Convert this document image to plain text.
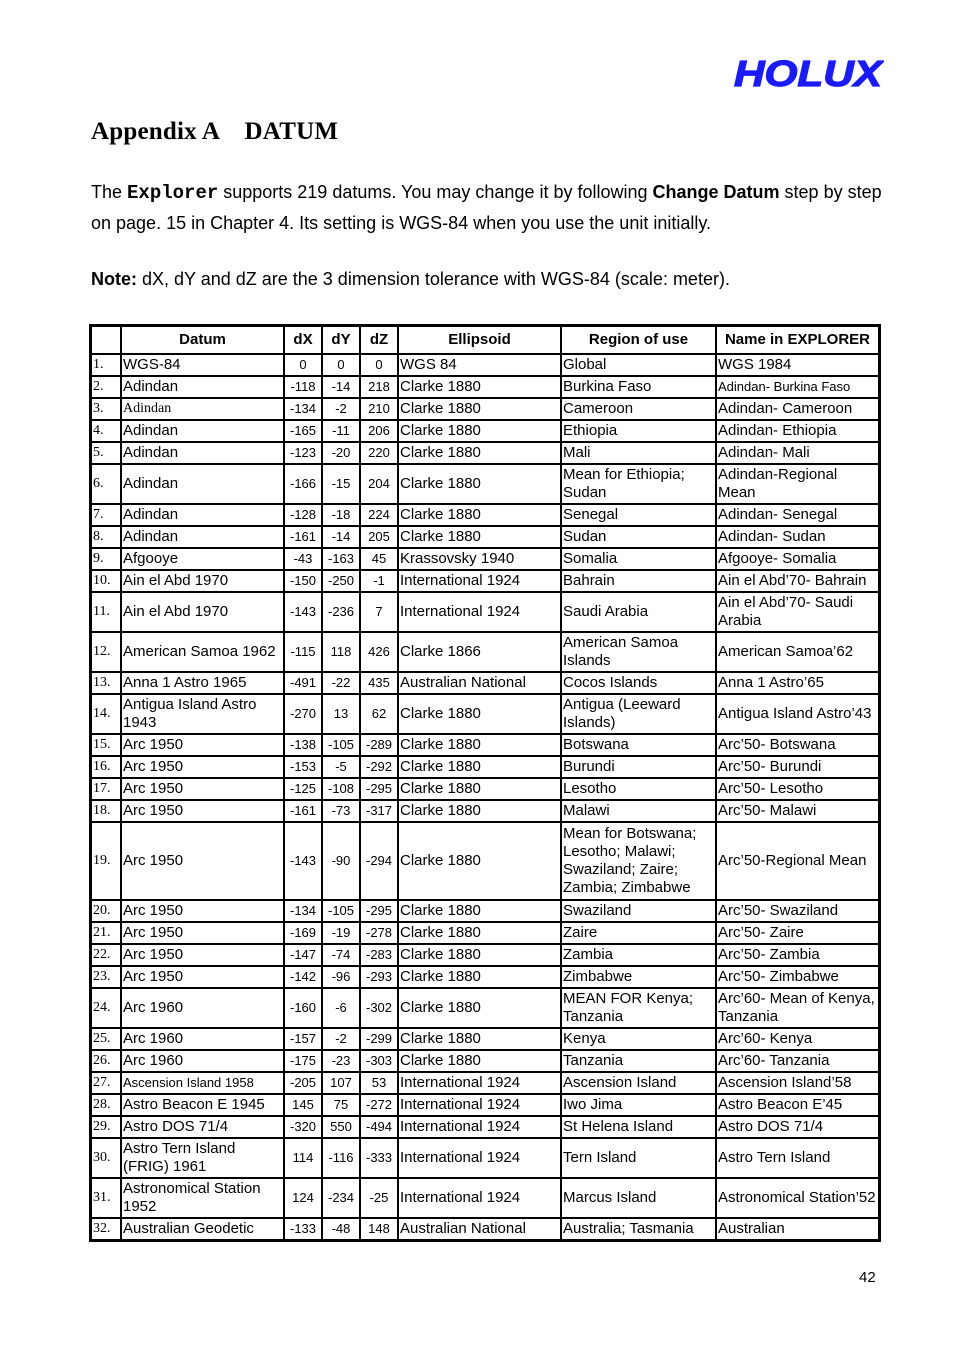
HOLUX
Appendix A    DATUM

The Explorer supports 219 datums. You may change it by following Change Datum step by step on page. 15 in Chapter 4. Its setting is WGS-84 when you use the unit initially.

Note: dX, dY and dZ are the 3 dimension tolerance with WGS-84 (scale: meter).

	Datum	dX	dY	dZ	Ellipsoid	Region of use	Name in EXPLORER
1.	WGS-84	0	0	0	WGS 84	Global	WGS 1984
2.	Adindan	-118	-14	218	Clarke 1880	Burkina Faso	Adindan- Burkina Faso
3.	Adindan	-134	-2	210	Clarke 1880	Cameroon	Adindan- Cameroon
4.	Adindan	-165	-11	206	Clarke 1880	Ethiopia	Adindan- Ethiopia
5.	Adindan	-123	-20	220	Clarke 1880	Mali	Adindan- Mali
6.	Adindan	-166	-15	204	Clarke 1880	Mean for Ethiopia; Sudan	Adindan-Regional Mean
7.	Adindan	-128	-18	224	Clarke 1880	Senegal	Adindan- Senegal
8.	Adindan	-161	-14	205	Clarke 1880	Sudan	Adindan- Sudan
9.	Afgooye	-43	-163	45	Krassovsky 1940	Somalia	Afgooye- Somalia
10.	Ain el Abd 1970	-150	-250	-1	International 1924	Bahrain	Ain el Abd’70- Bahrain
11.	Ain el Abd 1970	-143	-236	7	International 1924	Saudi Arabia	Ain el Abd’70- Saudi Arabia
12.	American Samoa 1962	-115	118	426	Clarke 1866	American Samoa Islands	American Samoa’62
13.	Anna 1 Astro 1965	-491	-22	435	Australian National	Cocos Islands	Anna 1 Astro’65
14.	Antigua Island Astro 1943	-270	13	62	Clarke 1880	Antigua (Leeward Islands)	Antigua Island Astro’43
15.	Arc 1950	-138	-105	-289	Clarke 1880	Botswana	Arc’50- Botswana
16.	Arc 1950	-153	-5	-292	Clarke 1880	Burundi	Arc’50- Burundi
17.	Arc 1950	-125	-108	-295	Clarke 1880	Lesotho	Arc’50- Lesotho
18.	Arc 1950	-161	-73	-317	Clarke 1880	Malawi	Arc’50- Malawi
19.	Arc 1950	-143	-90	-294	Clarke 1880	Mean for Botswana; Lesotho; Malawi; Swaziland; Zaire; Zambia; Zimbabwe	Arc’50-Regional Mean
20.	Arc 1950	-134	-105	-295	Clarke 1880	Swaziland	Arc’50- Swaziland
21.	Arc 1950	-169	-19	-278	Clarke 1880	Zaire	Arc’50- Zaire
22.	Arc 1950	-147	-74	-283	Clarke 1880	Zambia	Arc’50- Zambia
23.	Arc 1950	-142	-96	-293	Clarke 1880	Zimbabwe	Arc’50- Zimbabwe
24.	Arc 1960	-160	-6	-302	Clarke 1880	MEAN FOR Kenya; Tanzania	Arc’60- Mean of Kenya, Tanzania
25.	Arc 1960	-157	-2	-299	Clarke 1880	Kenya	Arc’60- Kenya
26.	Arc 1960	-175	-23	-303	Clarke 1880	Tanzania	Arc’60- Tanzania
27.	Ascension Island 1958	-205	107	53	International 1924	Ascension Island	Ascension Island’58
28.	Astro Beacon E 1945	145	75	-272	International 1924	Iwo Jima	Astro Beacon E’45
29.	Astro DOS 71/4	-320	550	-494	International 1924	St Helena Island	Astro DOS 71/4
30.	Astro Tern Island (FRIG) 1961	114	-116	-333	International 1924	Tern Island	Astro Tern Island
31.	Astronomical Station 1952	124	-234	-25	International 1924	Marcus Island	Astronomical Station’52
32.	Australian Geodetic	-133	-48	148	Australian National	Australia; Tasmania	Australian
42
